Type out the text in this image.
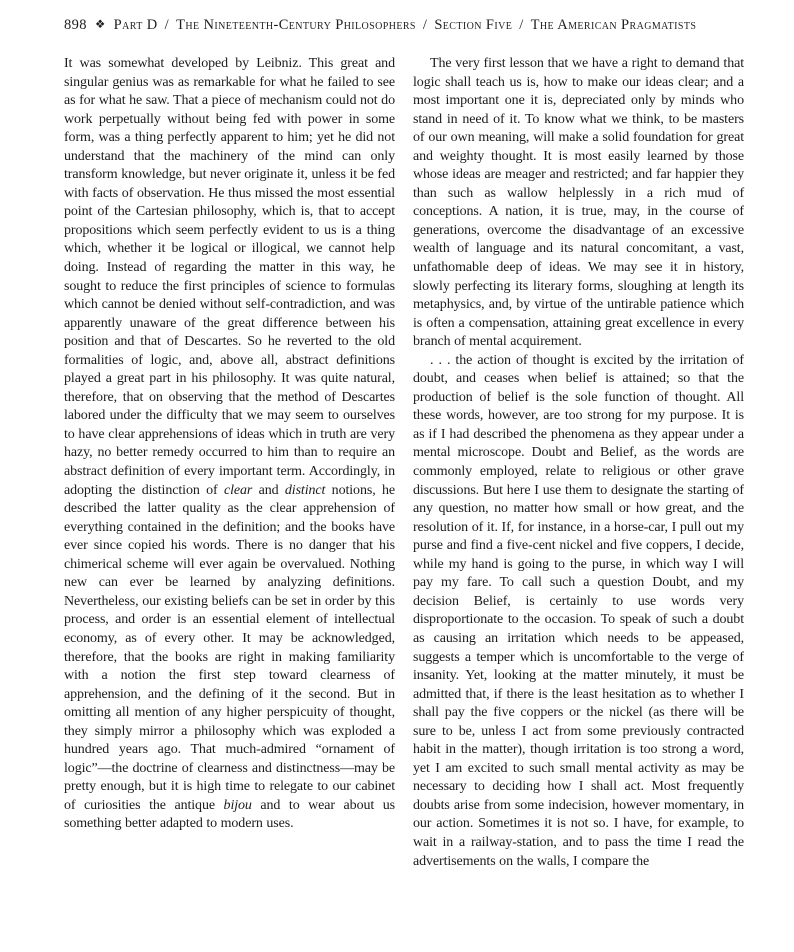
898 ❖ Part D / The Nineteenth-Century Philosophers / Section Five / The American Pragmatists

It was somewhat developed by Leibniz. This great and singular genius was as remarkable for what he failed to see as for what he saw. That a piece of mechanism could not do work perpetually without being fed with power in some form, was a thing perfectly apparent to him; yet he did not understand that the machinery of the mind can only transform knowledge, but never originate it, unless it be fed with facts of observation. He thus missed the most essential point of the Cartesian philosophy, which is, that to accept propositions which seem perfectly evident to us is a thing which, whether it be logical or illogical, we cannot help doing. Instead of regarding the matter in this way, he sought to reduce the first principles of science to formulas which cannot be denied without self-contradiction, and was apparently unaware of the great difference between his position and that of Descartes. So he reverted to the old formalities of logic, and, above all, abstract definitions played a great part in his philosophy. It was quite natural, therefore, that on observing that the method of Descartes labored under the difficulty that we may seem to ourselves to have clear apprehensions of ideas which in truth are very hazy, no better remedy occurred to him than to require an abstract definition of every important term. Accordingly, in adopting the distinction of clear and distinct notions, he described the latter quality as the clear apprehension of everything contained in the definition; and the books have ever since copied his words. There is no danger that his chimerical scheme will ever again be overvalued. Nothing new can ever be learned by analyzing definitions. Nevertheless, our existing beliefs can be set in order by this process, and order is an essential element of intellectual economy, as of every other. It may be acknowledged, therefore, that the books are right in making familiarity with a notion the first step toward clearness of apprehension, and the defining of it the second. But in omitting all mention of any higher perspicuity of thought, they simply mirror a philosophy which was exploded a hundred years ago. That much-admired “ornament of logic”—the doctrine of clearness and distinctness—may be pretty enough, but it is high time to relegate to our cabinet of curiosities the antique bijou and to wear about us something better adapted to modern uses.

The very first lesson that we have a right to demand that logic shall teach us is, how to make our ideas clear; and a most important one it is, depreciated only by minds who stand in need of it. To know what we think, to be masters of our own meaning, will make a solid foundation for great and weighty thought. It is most easily learned by those whose ideas are meager and restricted; and far happier they than such as wallow helplessly in a rich mud of conceptions. A nation, it is true, may, in the course of generations, overcome the disadvantage of an excessive wealth of language and its natural concomitant, a vast, unfathomable deep of ideas. We may see it in history, slowly perfecting its literary forms, sloughing at length its metaphysics, and, by virtue of the untirable patience which is often a compensation, attaining great excellence in every branch of mental acquirement.

. . . the action of thought is excited by the irritation of doubt, and ceases when belief is attained; so that the production of belief is the sole function of thought. All these words, however, are too strong for my purpose. It is as if I had described the phenomena as they appear under a mental microscope. Doubt and Belief, as the words are commonly employed, relate to religious or other grave discussions. But here I use them to designate the starting of any question, no matter how small or how great, and the resolution of it. If, for instance, in a horse-car, I pull out my purse and find a five-cent nickel and five coppers, I decide, while my hand is going to the purse, in which way I will pay my fare. To call such a question Doubt, and my decision Belief, is certainly to use words very disproportionate to the occasion. To speak of such a doubt as causing an irritation which needs to be appeased, suggests a temper which is uncomfortable to the verge of insanity. Yet, looking at the matter minutely, it must be admitted that, if there is the least hesitation as to whether I shall pay the five coppers or the nickel (as there will be sure to be, unless I act from some previously contracted habit in the matter), though irritation is too strong a word, yet I am excited to such small mental activity as may be necessary to deciding how I shall act. Most frequently doubts arise from some indecision, however momentary, in our action. Sometimes it is not so. I have, for example, to wait in a railway-station, and to pass the time I read the advertisements on the walls, I compare the
